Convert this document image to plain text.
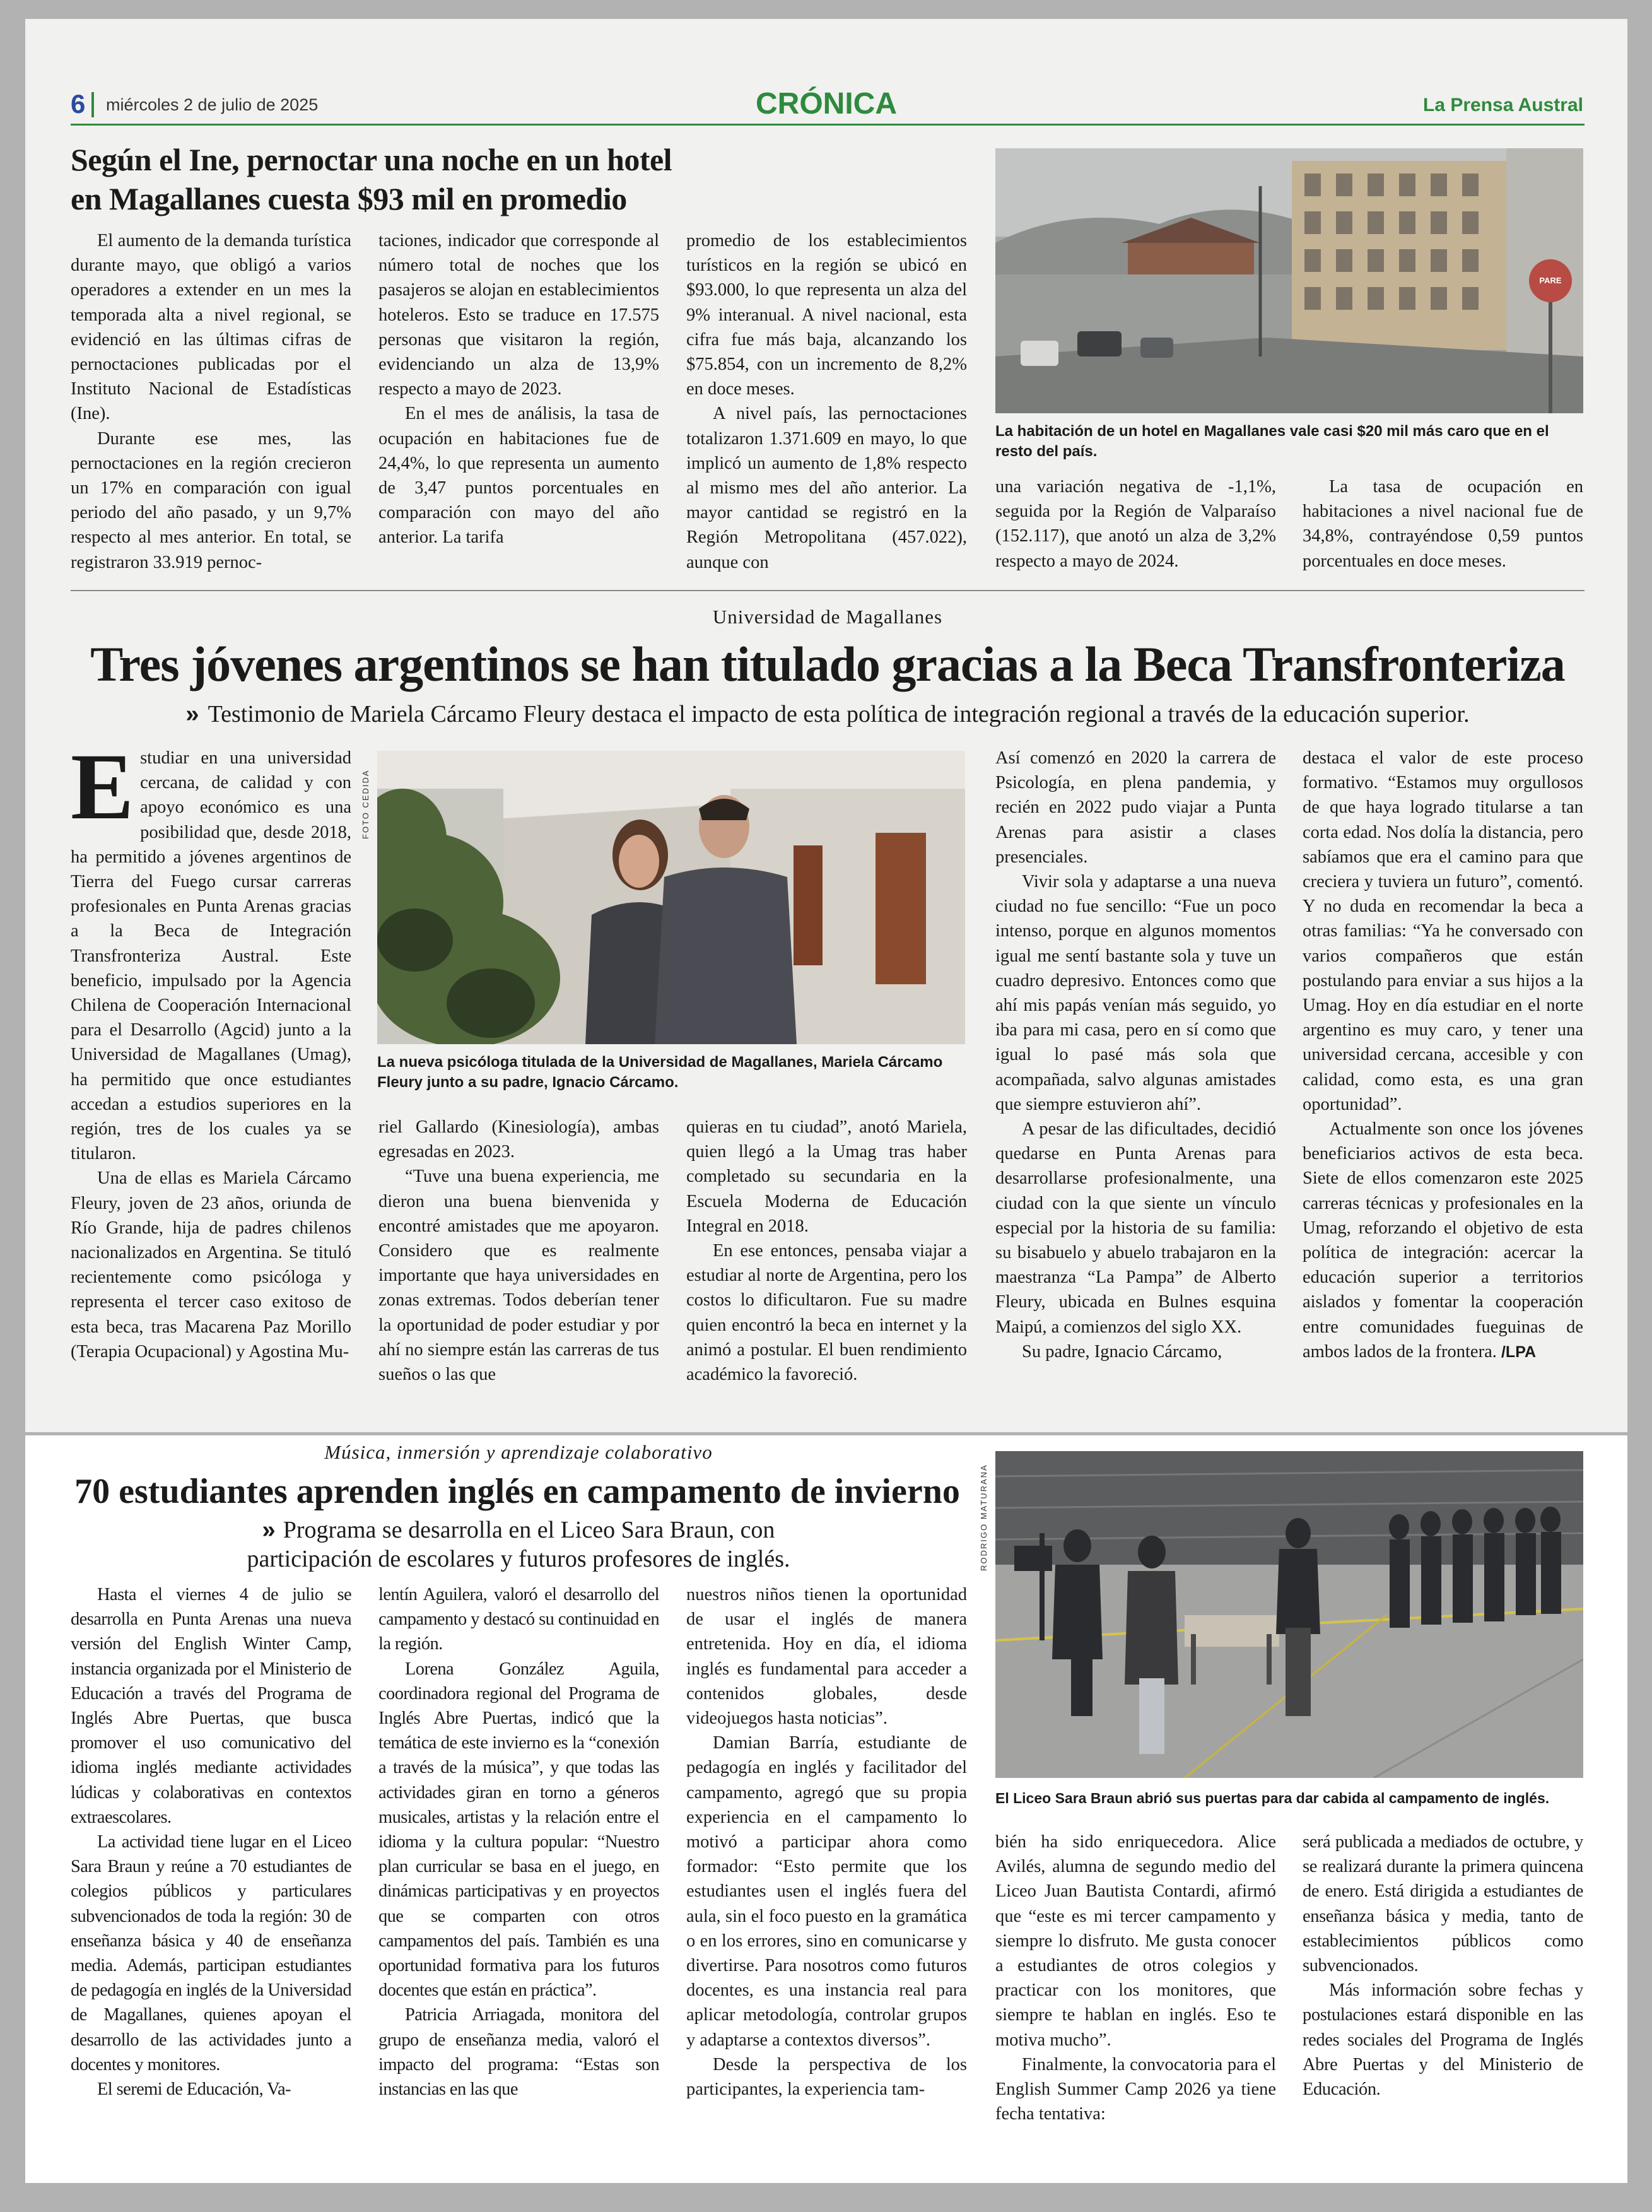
6 miércoles 2 de julio de 2025	CRÓNICA	La Prensa Austral
Según el Ine, pernoctar una noche en un hotel
en Magallanes cuesta $93 mil en promedio

El aumento de la demanda turística durante mayo, que obligó a varios operadores a extender en un mes la temporada alta a nivel regional, se evidenció en las últimas cifras de pernoctaciones publicadas por el Instituto Nacional de Estadísticas (Ine).

Durante ese mes, las pernoctaciones en la región crecieron un 17% en comparación con igual periodo del año pasado, y un 9,7% respecto al mes anterior. En total, se registraron 33.919 pernoc-

taciones, indicador que corresponde al número total de noches que los pasajeros se alojan en establecimientos hoteleros. Esto se traduce en 17.575 personas que visitaron la región, evidenciando un alza de 13,9% respecto a mayo de 2023.

En el mes de análisis, la tasa de ocupación en habitaciones fue de 24,4%, lo que representa un aumento de 3,47 puntos porcentuales en comparación con mayo del año anterior. La tarifa

promedio de los establecimientos turísticos en la región se ubicó en $93.000, lo que representa un alza del 9% interanual. A nivel nacional, esta cifra fue más baja, alcanzando los $75.854, con un incremento de 8,2% en doce meses.

A nivel país, las pernoctaciones totalizaron 1.371.609 en mayo, lo que implicó un aumento de 1,8% respecto al mismo mes del año anterior. La mayor cantidad se registró en la Región Metropolitana (457.022), aunque con

PARE
La habitación de un hotel en Magallanes vale casi $20 mil más caro que en el resto del país.

una variación negativa de -1,1%, seguida por la Región de Valparaíso (152.117), que anotó un alza de 3,2% respecto a mayo de 2024.

La tasa de ocupación en habitaciones a nivel nacional fue de 34,8%, contrayéndose 0,59 puntos porcentuales en doce meses.

Universidad de Magallanes
Tres jóvenes argentinos se han titulado gracias a la Beca Transfronteriza
» Testimonio de Mariela Cárcamo Fleury destaca el impacto de esta política de integración regional a través de la educación superior.

Estudiar en una universidad cercana, de calidad y con apoyo económico es una posibilidad que, desde 2018, ha permitido a jóvenes argentinos de Tierra del Fuego cursar carreras profesionales en Punta Arenas gracias a la Beca de Integración Transfronteriza Austral. Este beneficio, impulsado por la Agencia Chilena de Cooperación Internacional para el Desarrollo (Agcid) junto a la Universidad de Magallanes (Umag), ha permitido que once estudiantes accedan a estudios superiores en la región, tres de los cuales ya se titularon.

Una de ellas es Mariela Cárcamo Fleury, joven de 23 años, oriunda de Río Grande, hija de padres chilenos nacionalizados en Argentina. Se tituló recientemente como psicóloga y representa el tercer caso exitoso de esta beca, tras Macarena Paz Morillo (Terapia Ocupacional) y Agostina Mu-

FOTO CEDIDA
La nueva psicóloga titulada de la Universidad de Magallanes, Mariela Cárcamo Fleury junto a su padre, Ignacio Cárcamo.

riel Gallardo (Kinesiología), ambas egresadas en 2023.

“Tuve una buena experiencia, me dieron una buena bienvenida y encontré amistades que me apoyaron. Considero que es realmente importante que haya universidades en zonas extremas. Todos deberían tener la oportunidad de poder estudiar y por ahí no siempre están las carreras de tus sueños o las que

quieras en tu ciudad”, anotó Mariela, quien llegó a la Umag tras haber completado su secundaria en la Escuela Moderna de Educación Integral en 2018.

En ese entonces, pensaba viajar a estudiar al norte de Argentina, pero los costos lo dificultaron. Fue su madre quien encontró la beca en internet y la animó a postular. El buen rendimiento académico la favoreció.

Así comenzó en 2020 la carrera de Psicología, en plena pandemia, y recién en 2022 pudo viajar a Punta Arenas para asistir a clases presenciales.

Vivir sola y adaptarse a una nueva ciudad no fue sencillo: “Fue un poco intenso, porque en algunos momentos igual me sentí bastante sola y tuve un cuadro depresivo. Entonces como que ahí mis papás venían más seguido, yo iba para mi casa, pero en sí como que igual lo pasé más sola que acompañada, salvo algunas amistades que siempre estuvieron ahí”.

A pesar de las dificultades, decidió quedarse en Punta Arenas para desarrollarse profesionalmente, una ciudad con la que siente un vínculo especial por la historia de su familia: su bisabuelo y abuelo trabajaron en la maestranza “La Pampa” de Alberto Fleury, ubicada en Bulnes esquina Maipú, a comienzos del siglo XX.

Su padre, Ignacio Cárcamo,

destaca el valor de este proceso formativo. “Estamos muy orgullosos de que haya logrado titularse a tan corta edad. Nos dolía la distancia, pero sabíamos que era el camino para que creciera y tuviera un futuro”, comentó. Y no duda en recomendar la beca a otras familias: “Ya he conversado con varios compañeros que están postulando para enviar a sus hijos a la Umag. Hoy en día estudiar en el norte argentino es muy caro, y tener una universidad cercana, accesible y con calidad, como esta, es una gran oportunidad”.

Actualmente son once los jóvenes beneficiarios activos de esta beca. Siete de ellos comenzaron este 2025 carreras técnicas y profesionales en la Umag, reforzando el objetivo de esta política de integración: acercar la educación superior a territorios aislados y fomentar la cooperación entre comunidades fueguinas de ambos lados de la frontera. /LPA

Música, inmersión y aprendizaje colaborativo
70 estudiantes aprenden inglés en campamento de invierno
» Programa se desarrolla en el Liceo Sara Braun, con
participación de escolares y futuros profesores de inglés.

Hasta el viernes 4 de julio se desarrolla en Punta Arenas una nueva versión del English Winter Camp, instancia organizada por el Ministerio de Educación a través del Programa de Inglés Abre Puertas, que busca promover el uso comunicativo del idioma inglés mediante actividades lúdicas y colaborativas en contextos extraescolares.

La actividad tiene lugar en el Liceo Sara Braun y reúne a 70 estudiantes de colegios públicos y particulares subvencionados de toda la región: 30 de enseñanza básica y 40 de enseñanza media. Además, participan estudiantes de pedagogía en inglés de la Universidad de Magallanes, quienes apoyan el desarrollo de las actividades junto a docentes y monitores.

El seremi de Educación, Va-

lentín Aguilera, valoró el desarrollo del campamento y destacó su continuidad en la región.

Lorena González Aguila, coordinadora regional del Programa de Inglés Abre Puertas, indicó que la temática de este invierno es la “conexión a través de la música”, y que todas las actividades giran en torno a géneros musicales, artistas y la relación entre el idioma y la cultura popular: “Nuestro plan curricular se basa en el juego, en dinámicas participativas y en proyectos que se comparten con otros campamentos del país. También es una oportunidad formativa para los futuros docentes que están en práctica”.

Patricia Arriagada, monitora del grupo de enseñanza media, valoró el impacto del programa: “Estas son instancias en las que

nuestros niños tienen la oportunidad de usar el inglés de manera entretenida. Hoy en día, el idioma inglés es fundamental para acceder a contenidos globales, desde videojuegos hasta noticias”.

Damian Barría, estudiante de pedagogía en inglés y facilitador del campamento, agregó que su propia experiencia en el campamento lo motivó a participar ahora como formador: “Esto permite que los estudiantes usen el inglés fuera del aula, sin el foco puesto en la gramática o en los errores, sino en comunicarse y divertirse. Para nosotros como futuros docentes, es una instancia real para aplicar metodología, controlar grupos y adaptarse a contextos diversos”.

Desde la perspectiva de los participantes, la experiencia tam-

RODRIGO MATURANA
El Liceo Sara Braun abrió sus puertas para dar cabida al campamento de inglés.

bién ha sido enriquecedora. Alice Avilés, alumna de segundo medio del Liceo Juan Bautista Contardi, afirmó que “este es mi tercer campamento y siempre lo disfruto. Me gusta conocer a estudiantes de otros colegios y practicar con los monitores, que siempre te hablan en inglés. Eso te motiva mucho”.

Finalmente, la convocatoria para el English Summer Camp 2026 ya tiene fecha tentativa:

será publicada a mediados de octubre, y se realizará durante la primera quincena de enero. Está dirigida a estudiantes de enseñanza básica y media, tanto de establecimientos públicos como subvencionados.

Más información sobre fechas y postulaciones estará disponible en las redes sociales del Programa de Inglés Abre Puertas y del Ministerio de Educación.
